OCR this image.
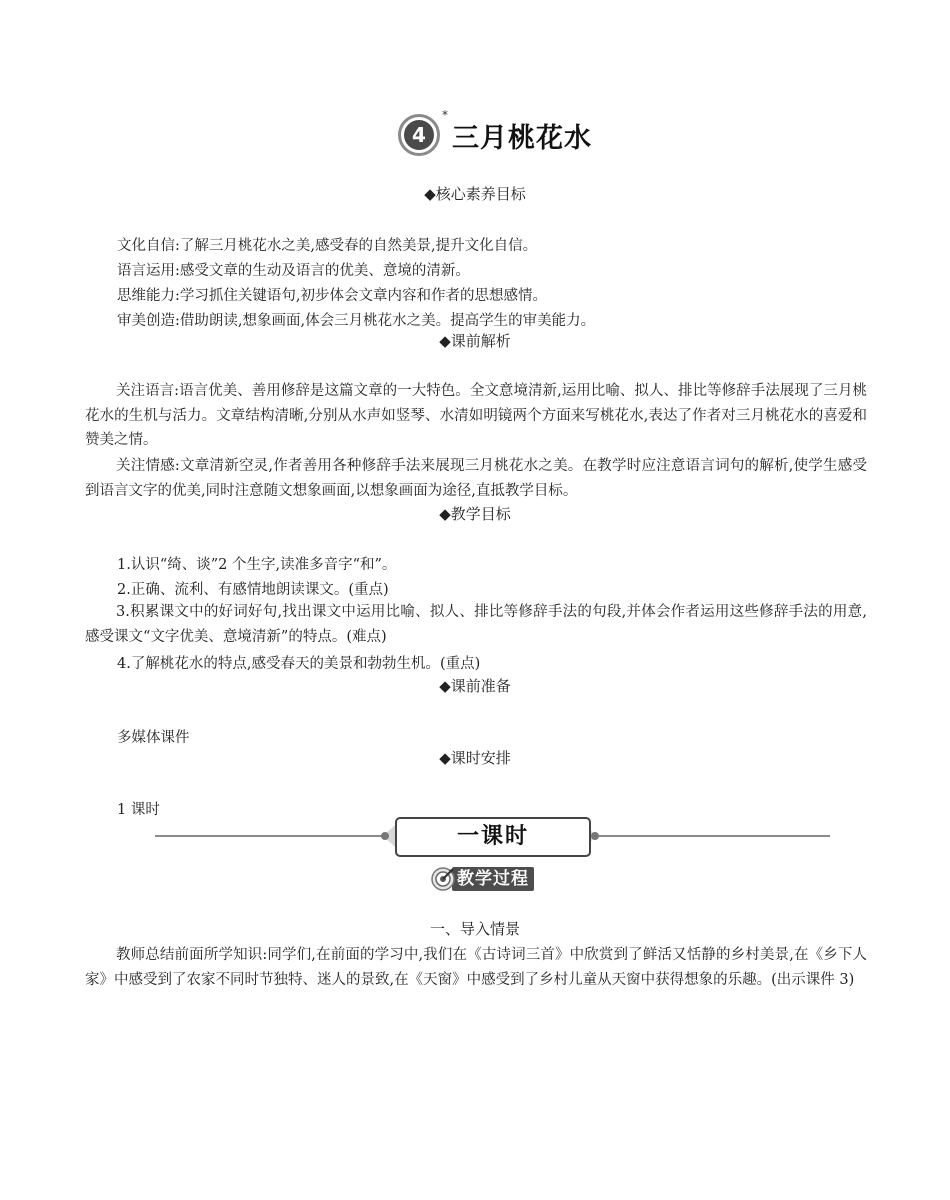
4
*
三月桃花水
◆核心素养目标
文化自信:了解三月桃花水之美,感受春的自然美景,提升文化自信。
语言运用:感受文章的生动及语言的优美、意境的清新。
思维能力:学习抓住关键语句,初步体会文章内容和作者的思想感情。
审美创造:借助朗读,想象画面,体会三月桃花水之美。提高学生的审美能力。
◆课前解析
关注语言:语言优美、善用修辞是这篇文章的一大特色。全文意境清新,运用比喻、拟人、排比等修辞手法展现了三月桃花水的生机与活力。文章结构清晰,分别从水声如竖琴、水清如明镜两个方面来写桃花水,表达了作者对三月桃花水的喜爱和赞美之情。
关注情感:文章清新空灵,作者善用各种修辞手法来展现三月桃花水之美。在教学时应注意语言词句的解析,使学生感受到语言文字的优美,同时注意随文想象画面,以想象画面为途径,直抵教学目标。
◆教学目标
1.认识“绮、谈”2 个生字,读准多音字“和”。
2.正确、流利、有感情地朗读课文。(重点)
3.积累课文中的好词好句,找出课文中运用比喻、拟人、排比等修辞手法的句段,并体会作者运用这些修辞手法的用意,感受课文“文字优美、意境清新”的特点。(难点)
4.了解桃花水的特点,感受春天的美景和勃勃生机。(重点)
◆课前准备
多媒体课件
◆课时安排
1 课时
一课时
教学过程
一、导入情景
教师总结前面所学知识:同学们,在前面的学习中,我们在《古诗词三首》中欣赏到了鲜活又恬静的乡村美景,在《乡下人家》中感受到了农家不同时节独特、迷人的景致,在《天窗》中感受到了乡村儿童从天窗中获得想象的乐趣。(出示课件 3)
